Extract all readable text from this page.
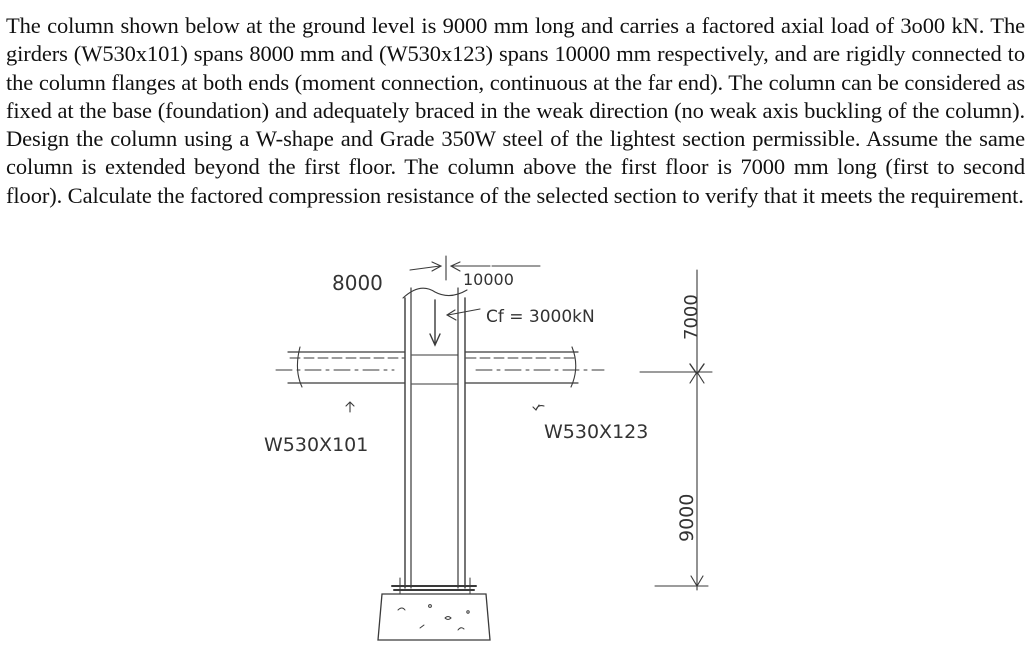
The column shown below at the ground level is 9000 mm long and carries a factored axial load of 3o00 kN. The girders (W530x101) spans 8000 mm and (W530x123) spans 10000 mm respectively, and are rigidly connected to the column flanges at both ends (moment connection, continuous at the far end). The column can be considered as fixed at the base (foundation) and adequately braced in the weak direction (no weak axis buckling of the column). Design the column using a W-shape and Grade 350W steel of the lightest section permissible. Assume the same column is extended beyond the first floor. The column above the first floor is 7000 mm long (first to second floor). Calculate the factored compression resistance of the selected section to verify that it meets the requirement.

8000	10000
Cf = 3000kN
W530X101
W530X123
7000
9000
